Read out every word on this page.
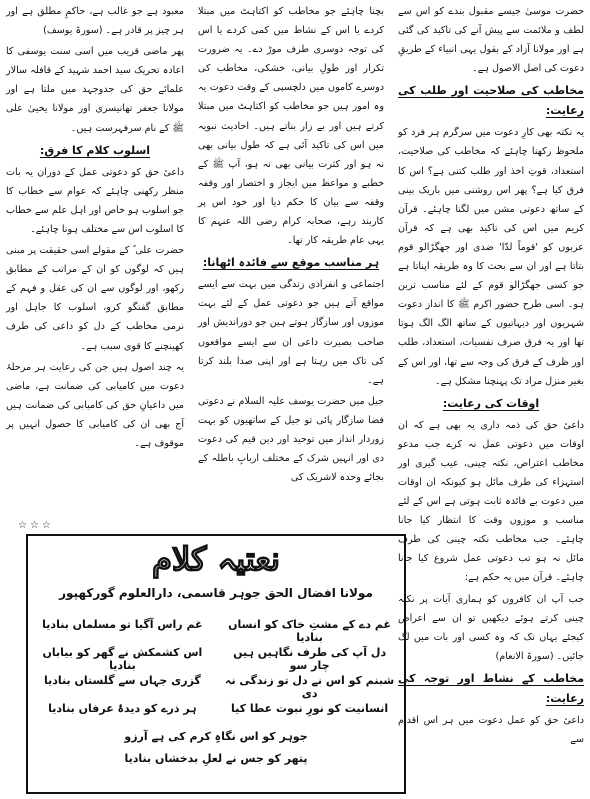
حضرت موسیٰ جیسے مقبول بندے کو اس سے لطف و ملائمت سے پیش آنے کی تاکید کی گئی ہے اور مولانا آزاد کے بقول یہی انبیاء کے طریقِ دعوت کی اصل الاصول ہے۔

مخاطب کی صلاحیت اور طلب کی رعایت:

یہ نکتہ بھی کارِ دعوت میں سرگرم ہر فرد کو ملحوظ رکھنا چاہئے کہ مخاطب کی صلاحیت، استعداد، قوتِ اخذ اور طلب کتنی ہے؟ اس کا فرق کیا ہے؟ پھر اس روشنی میں باریک بینی کے ساتھ دعوتی مشن میں لگنا چاہئے۔ قرآن کریم میں اس کی تاکید بھی ہے کہ قرآن عربوں کو 'قوماً لدّا' ضدی اور جھگڑالو قوم بتاتا ہے اور ان سے بحث کا وہ طریقہ اپناتا ہے جو کسی جھگڑالو قوم کے لئے مناسب ترین ہو۔ اسی طرح حضور اکرم ﷺ کا انداز دعوت شہریوں اور دیہاتیوں کے ساتھ الگ الگ ہوتا تھا اور یہ فرق صرف نفسیات، استعداد، طلب اور ظرف کے فرق کی وجہ سے تھا، اور اس کے بغیر منزل مراد تک پہنچنا مشکل ہے۔

اوقات کی رعایت:

داعیٔ حق کی ذمہ داری یہ بھی ہے کہ ان اوقات میں دعوتی عمل نہ کرے جب مدعو مخاطب اعتراض، نکتہ چینی، عیب گیری اور استہزاء کی طرف مائل ہو کیونکہ ان اوقات میں دعوت بے فائدہ ثابت ہوتی ہے اس کے لئے مناسب و موزوں وقت کا انتظار کیا جانا چاہئے۔ جب مخاطب نکتہ چینی کی طرف مائل نہ ہو تب دعوتی عمل شروع کیا جانا چاہئے۔ قرآن میں یہ حکم ہے:

جب آپ ان کافروں کو ہماری آیات پر نکتہ چینی کرتے ہوئے دیکھیں تو ان سے اعراض کیجئے یہاں تک کہ وہ کسی اور بات میں لگ جائیں۔ (سورۃ الانعام)

مخاطب کے نشاط اور توجہ کی رعایت:

داعیٔ حق کو عمل دعوت میں ہر اس اقدام سے

بچنا چاہئے جو مخاطب کو اکتاہٹ میں مبتلا کردے یا اس کے نشاط میں کمی کردے یا اس کی توجہ دوسری طرف موڑ دے۔ یہ ضرورت تکرار اور طولِ بیانی، خشکی، مخاطب کی دوسرے کاموں میں دلچسپی کے وقت دعوت یہ وہ امور ہیں جو مخاطب کو اکتاہٹ میں مبتلا کرتے ہیں اور بے زار بناتے ہیں۔ احادیث نبویہ میں اس کی تاکید آئی ہے کہ طول بیانی بھی نہ ہو اور کثرت بیانی بھی نہ ہو، آپ ﷺ کے خطبے و مواعظ میں ایجاز و اختصار اور وقفہ وقفہ سے بیان کا حکم دیا اور خود اس پر کاربند رہے، صحابہ کرام رضی اللہ عنہم کا یہی عام طریقہ کار تھا۔

ہر مناسب موقع سے فائدہ اٹھانا:

اجتماعی و انفرادی زندگی میں بہت سے ایسے مواقع آتے ہیں جو دعوتی عمل کے لئے بہت موزوں اور سازگار ہوتے ہیں جو دوراندیش اور صاحب بصیرت داعی ان سے ایسے مواقعوں کی تاک میں رہتا ہے اور اپنی صدا بلند کرتا ہے۔

جیل میں حضرت یوسف علیہ السلام نے دعوتی فضا سازگار پائی تو جیل کے ساتھیوں کو بہت زوردار انداز میں توحید اور دین قیم کی دعوت دی اور انہیں شرک کے مختلف اربابِ باطلہ کے بجائے وحدہ لاشریک کی

معبود ہے جو غالب ہے، حاکمِ مطلق ہے اور ہر چیز پر قادر ہے۔ (سورۃ یوسف)

پھر ماضی قریب میں اسی سنت یوسفی کا اعادہ تحریک سید احمد شہید کے قافلہ سالار علمائے حق کی جدوجہد میں ملتا ہے اور مولانا جعفر تھانیسری اور مولانا یحییٰ علی ﷺ کے نام سرفہرست ہیں۔

اسلوب کلام کا فرق:

داعیٔ حق کو دعوتی عمل کے دوران یہ بات منظر رکھنی چاہئے کہ عوام سے خطاب کا جو اسلوب ہو خاص اور اہل علم سے خطاب کا اسلوب اس سے مختلف ہونا چاہئے۔

حضرت علی ؓ کے مقولے اسی حقیقت پر مبنی ہیں کہ لوگوں کو ان کے مراتب کے مطابق رکھو، اور لوگوں سے ان کی عقل و فہم کے مطابق گفتگو کرو، اسلوب کا جاہل اور نرمی مخاطب کے دل کو داعی کی طرف کھینچنے کا قوی سبب ہے۔

یہ چند اصول ہیں جن کی رعایت ہر مرحلۂ دعوت میں کامیابی کی ضمانت ہے، ماضی میں داعیانِ حق کی کامیابی کی ضمانت ہیں آج بھی ان کی کامیابی کا حصول انہیں پر موقوف ہے۔

☆☆☆
نعتیہ کلام
مولانا افضال الحق جوہر قاسمی، دارالعلوم گورکھپور
غم دے کے مشتِ خاک کو انساں بنادیا
غم راس آگیا تو مسلماں بنادیا
دل آپ کی طرف نگاہیں ہیں چار سو
اس کشمکش نے گھر کو بیاباں بنادیا
شبنم کو اس نے دل تو زندگی نہ دی
گزری جہاں سے گلستاں بنادیا
انسانیت کو نورِ نبوت عطا کیا
ہر ذرے کو دیدۂ عرفاں بنادیا
جوہر کو اس نگاہِ کرم کی ہے آرزو
پتھر کو جس نے لعلِ بدخشاں بنادیا
